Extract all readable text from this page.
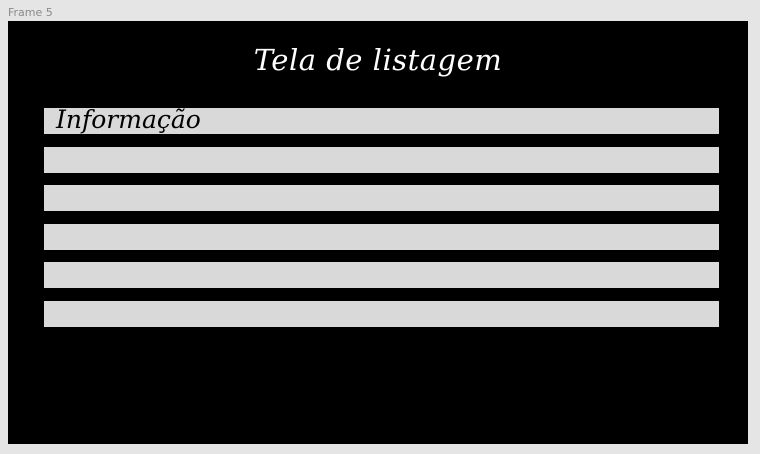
Frame 5
Tela de listagem
Informação
